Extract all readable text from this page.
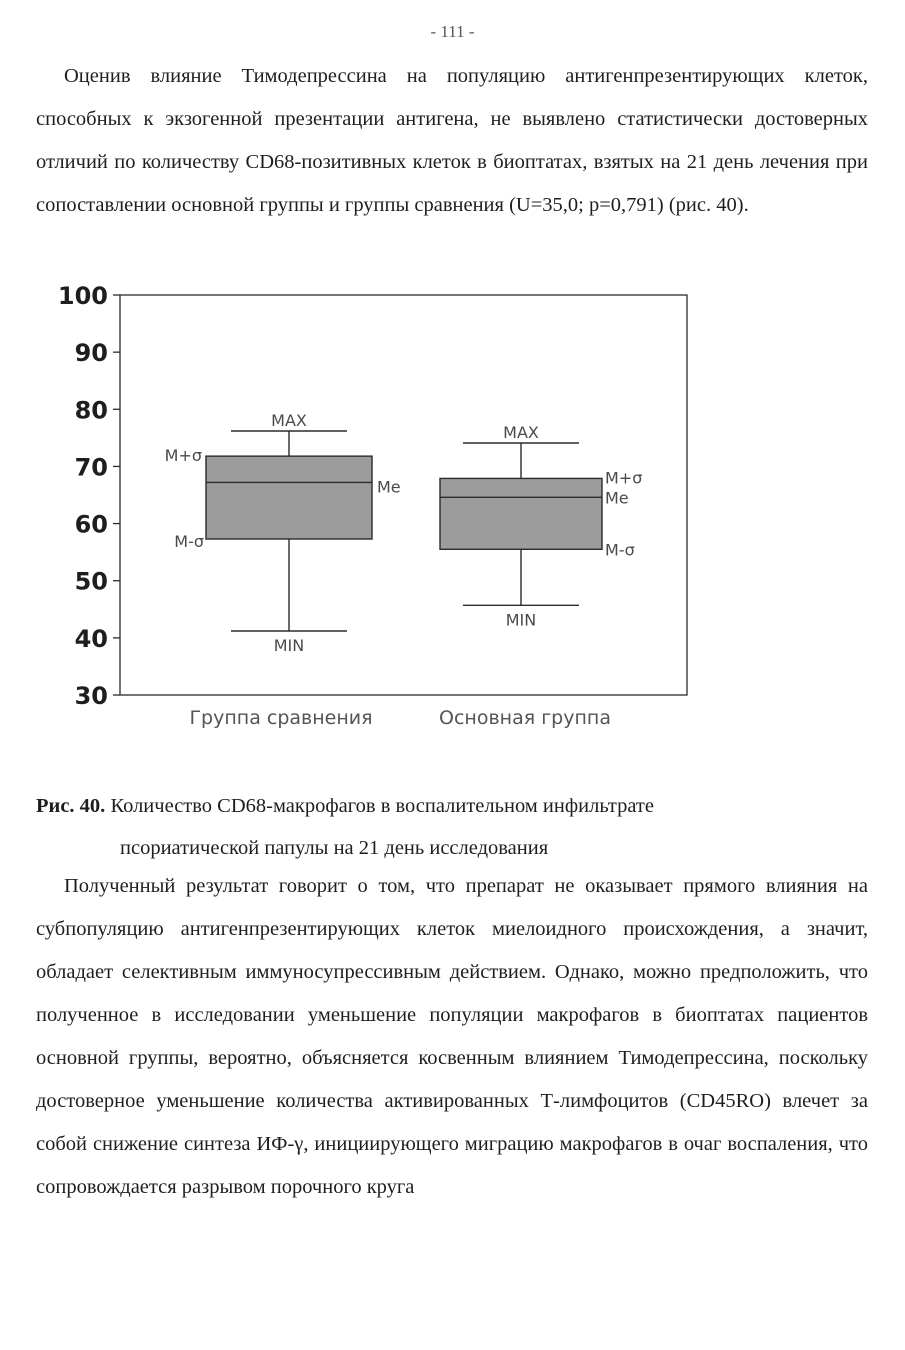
- 111 -

Оценив влияние Тимодепрессина на популяцию антигенпрезентирующих клеток, способных к экзогенной презентации антигена, не выявлено статистически достоверных отличий по количеству CD68-позитивных клеток в биоптатах, взятых на 21 день лечения при сопоставлении основной группы и группы сравнения (U=35,0; p=0,791) (рис. 40).

100
90
80
70
60
50
40
30
MAX
MIN
M+σ
M-σ
Me
MAX
MIN
M+σ
Me
M-σ
Группа сравнения	Основная группа
Рис. 40. Количество CD68-макрофагов в воспалительном инфильтрате
псориатической папулы на 21 день исследования

Полученный результат говорит о том, что препарат не оказывает прямого влияния на субпопуляцию антигенпрезентирующих клеток миелоидного происхождения, а значит, обладает селективным иммуносупрессивным действием. Однако, можно предположить, что полученное в исследовании уменьшение популяции макрофагов в биоптатах пациентов основной группы, вероятно, объясняется косвенным влиянием Тимодепрессина, поскольку достоверное уменьшение количества активированных Т-лимфоцитов (CD45RO) влечет за собой снижение синтеза ИФ-γ, инициирующего миграцию макрофагов в очаг воспаления, что сопровождается разрывом порочного круга
